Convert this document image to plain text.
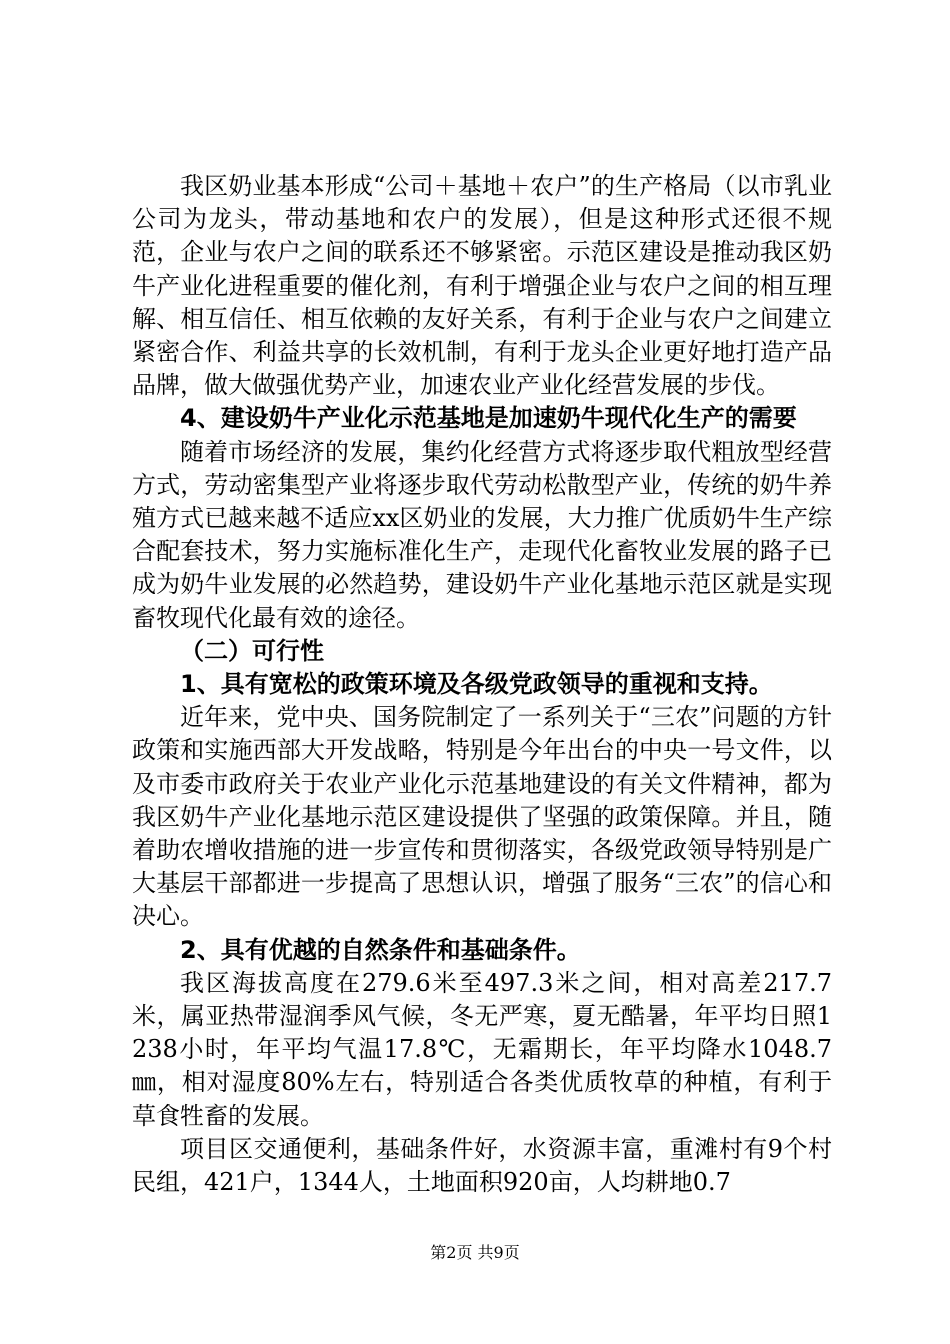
我区奶业基本形成“公司＋基地＋农户”的生产格局（以市乳业公司为龙头，带动基地和农户的发展），但是这种形式还很不规范，企业与农户之间的联系还不够紧密。示范区建设是推动我区奶牛产业化进程重要的催化剂，有利于增强企业与农户之间的相互理解、相互信任、相互依赖的友好关系，有利于企业与农户之间建立紧密合作、利益共享的长效机制，有利于龙头企业更好地打造产品品牌，做大做强优势产业，加速农业产业化经营发展的步伐。

4、建设奶牛产业化示范基地是加速奶牛现代化生产的需要

随着市场经济的发展，集约化经营方式将逐步取代粗放型经营方式，劳动密集型产业将逐步取代劳动松散型产业，传统的奶牛养殖方式已越来越不适应xx区奶业的发展，大力推广优质奶牛生产综合配套技术，努力实施标准化生产，走现代化畜牧业发展的路子已成为奶牛业发展的必然趋势，建设奶牛产业化基地示范区就是实现畜牧现代化最有效的途径。

（二）可行性

1、具有宽松的政策环境及各级党政领导的重视和支持。

近年来，党中央、国务院制定了一系列关于“三农”问题的方针政策和实施西部大开发战略，特别是今年出台的中央一号文件，以及市委市政府关于农业产业化示范基地建设的有关文件精神，都为我区奶牛产业化基地示范区建设提供了坚强的政策保障。并且，随着助农增收措施的进一步宣传和贯彻落实，各级党政领导特别是广大基层干部都进一步提高了思想认识，增强了服务“三农”的信心和决心。

2、具有优越的自然条件和基础条件。

我区海拔高度在279.6米至497.3米之间，相对高差217.7米，属亚热带湿润季风气候，冬无严寒，夏无酷暑，年平均日照1238小时，年平均气温17.8℃，无霜期长，年平均降水1048.7㎜，相对湿度80%左右，特别适合各类优质牧草的种植，有利于草食牲畜的发展。

项目区交通便利，基础条件好，水资源丰富，重滩村有9个村民组，421户，1344人，土地面积920亩，人均耕地0.7

第2页 共9页
